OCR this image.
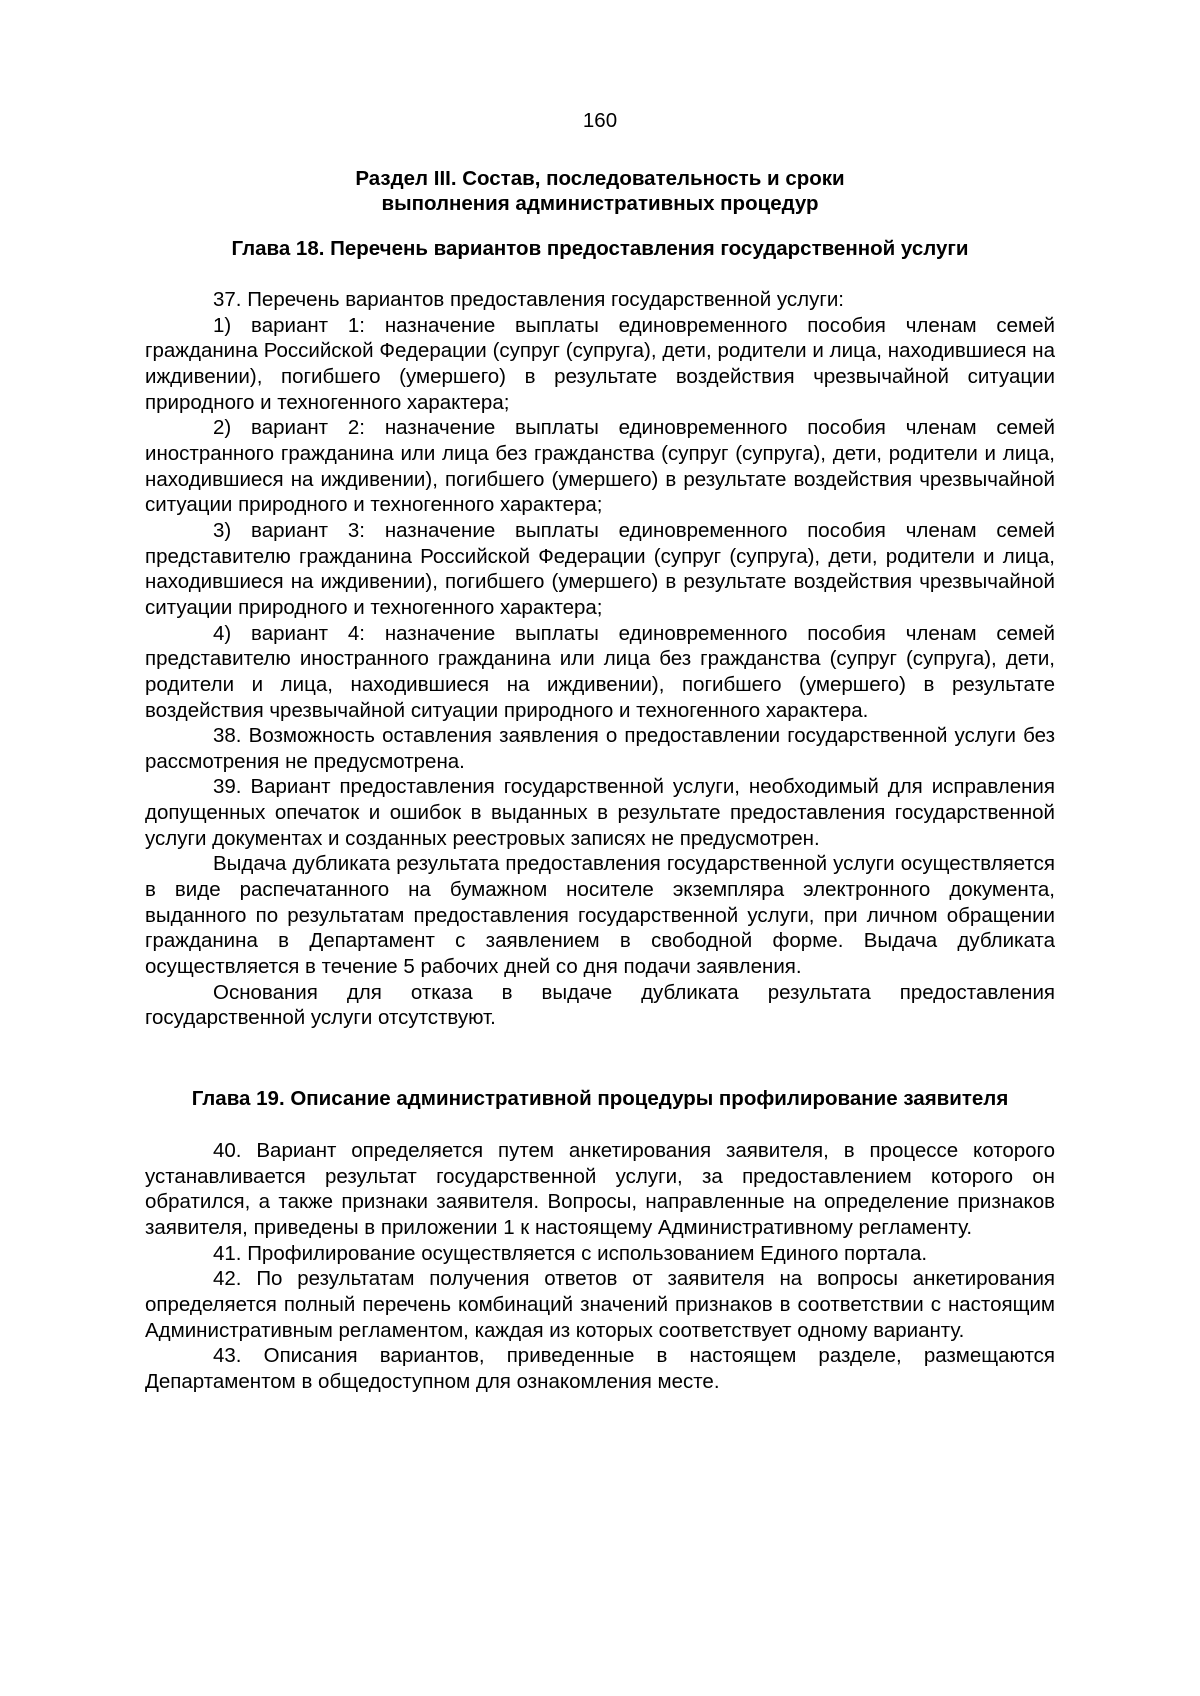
160
Раздел III. Состав, последовательность и сроки
выполнения административных процедур
Глава 18. Перечень вариантов предоставления государственной услуги

37. Перечень вариантов предоставления государственной услуги:

1) вариант 1: назначение выплаты единовременного пособия членам семей гражданина Российской Федерации (супруг (супруга), дети, родители и лица, находившиеся на иждивении), погибшего (умершего) в результате воздействия чрезвычайной ситуации природного и техногенного характера;

2) вариант 2: назначение выплаты единовременного пособия членам семей иностранного гражданина или лица без гражданства (супруг (супруга), дети, родители и лица, находившиеся на иждивении), погибшего (умершего) в результате воздействия чрезвычайной ситуации природного и техногенного характера;

3) вариант 3: назначение выплаты единовременного пособия членам семей представителю гражданина Российской Федерации (супруг (супруга), дети, родители и лица, находившиеся на иждивении), погибшего (умершего) в результате воздействия чрезвычайной ситуации природного и техногенного характера;

4) вариант 4: назначение выплаты единовременного пособия членам семей представителю иностранного гражданина или лица без гражданства (супруг (супруга), дети, родители и лица, находившиеся на иждивении), погибшего (умершего) в результате воздействия чрезвычайной ситуации природного и техногенного характера.

38. Возможность оставления заявления о предоставлении государственной услуги без рассмотрения не предусмотрена.

39. Вариант предоставления государственной услуги, необходимый для исправления допущенных опечаток и ошибок в выданных в результате предоставления государственной услуги документах и созданных реестровых записях не предусмотрен.

Выдача дубликата результата предоставления государственной услуги осуществляется в виде распечатанного на бумажном носителе экземпляра электронного документа, выданного по результатам предоставления государственной услуги, при личном обращении гражданина в Департамент с заявлением в свободной форме. Выдача дубликата осуществляется в течение 5 рабочих дней со дня подачи заявления.

Основания для отказа в выдаче дубликата результата предоставления государственной услуги отсутствуют.

Глава 19. Описание административной процедуры профилирование заявителя

40. Вариант определяется путем анкетирования заявителя, в процессе которого устанавливается результат государственной услуги, за предоставлением которого он обратился, а также признаки заявителя. Вопросы, направленные на определение признаков заявителя, приведены в приложении 1 к настоящему Административному регламенту.

41. Профилирование осуществляется с использованием Единого портала.

42. По результатам получения ответов от заявителя на вопросы анкетирования определяется полный перечень комбинаций значений признаков в соответствии с настоящим Административным регламентом, каждая из которых соответствует одному варианту.

43. Описания вариантов, приведенные в настоящем разделе, размещаются Департаментом в общедоступном для ознакомления месте.
